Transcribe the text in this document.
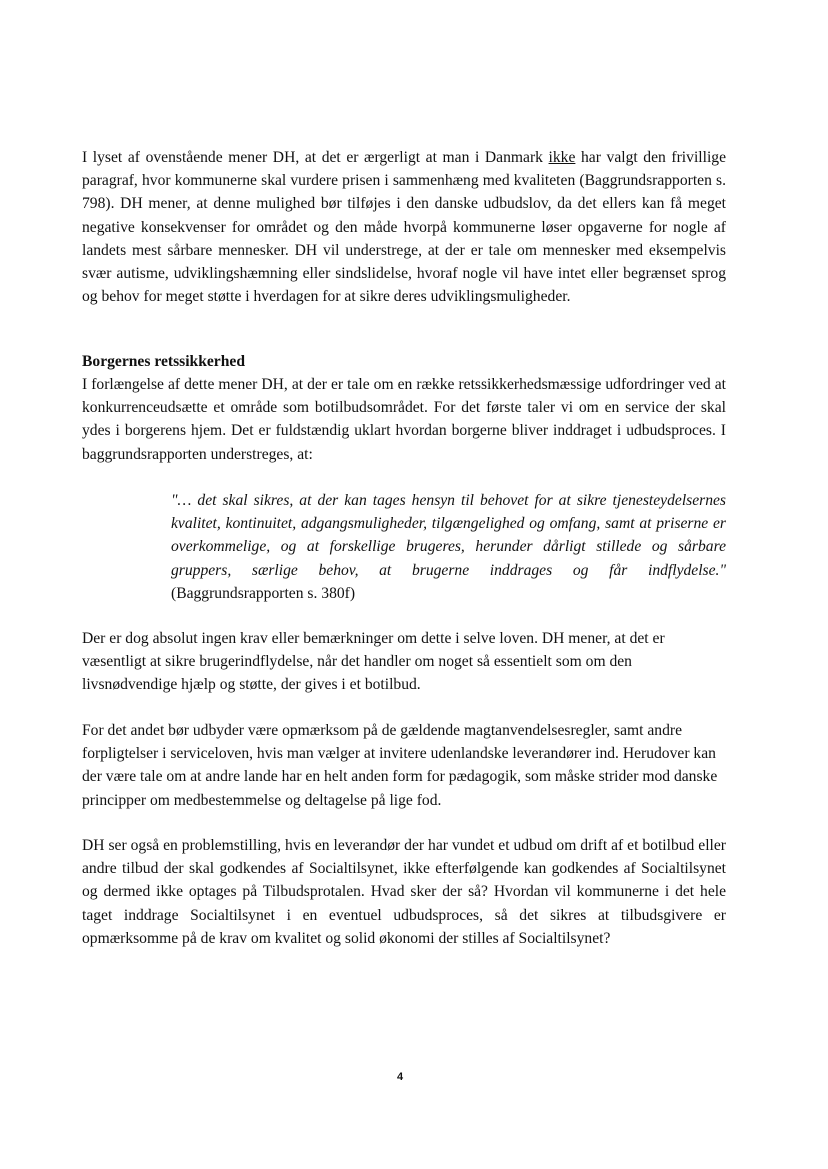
I lyset af ovenstående mener DH, at det er ærgerligt at man i Danmark ikke har valgt den frivillige paragraf, hvor kommunerne skal vurdere prisen i sammenhæng med kvaliteten (Baggrundsrapporten s. 798). DH mener, at denne mulighed bør tilføjes i den danske udbudslov, da det ellers kan få meget negative konsekvenser for området og den måde hvorpå kommunerne løser opgaverne for nogle af landets mest sårbare mennesker. DH vil understrege, at der er tale om mennesker med eksempelvis svær autisme, udviklingshæmning eller sindslidelse, hvoraf nogle vil have intet eller begrænset sprog og behov for meget støtte i hverdagen for at sikre deres udviklingsmuligheder.

Borgernes retssikkerhed

I forlængelse af dette mener DH, at der er tale om en række retssikkerhedsmæssige udfordringer ved at konkurrenceudsætte et område som botilbudsområdet. For det første taler vi om en service der skal ydes i borgerens hjem. Det er fuldstændig uklart hvordan borgerne bliver inddraget i udbudsproces. I baggrundsrapporten understreges, at:

"… det skal sikres, at der kan tages hensyn til behovet for at sikre tjenesteydelsernes kvalitet, kontinuitet, adgangsmuligheder, tilgængelighed og omfang, samt at priserne er overkommelige, og at forskellige brugeres, herunder dårligt stillede og sårbare gruppers, særlige behov, at brugerne inddrages og får indflydelse." (Baggrundsrapporten s. 380f)

Der er dog absolut ingen krav eller bemærkninger om dette i selve loven. DH mener, at det er væsentligt at sikre brugerindflydelse, når det handler om noget så essentielt som om den livsnødvendige hjælp og støtte, der gives i et botilbud.

For det andet bør udbyder være opmærksom på de gældende magtanvendelsesregler, samt andre forpligtelser i serviceloven, hvis man vælger at invitere udenlandske leverandører ind. Herudover kan der være tale om at andre lande har en helt anden form for pædagogik, som måske strider mod danske principper om medbestemmelse og deltagelse på lige fod.

DH ser også en problemstilling, hvis en leverandør der har vundet et udbud om drift af et botilbud eller andre tilbud der skal godkendes af Socialtilsynet, ikke efterfølgende kan godkendes af Socialtilsynet og dermed ikke optages på Tilbudsprotalen. Hvad sker der så? Hvordan vil kommunerne i det hele taget inddrage Socialtilsynet i en eventuel udbudsproces, så det sikres at tilbudsgivere er opmærksomme på de krav om kvalitet og solid økonomi der stilles af Socialtilsynet?

4
